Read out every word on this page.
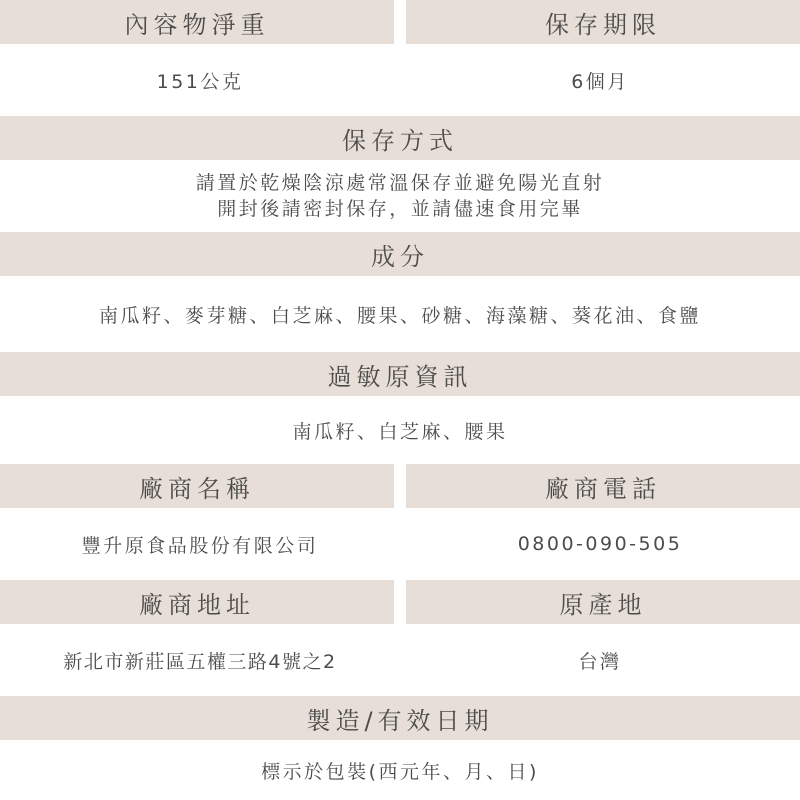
內容物淨重	保存期限
151公克	6個月
保存方式
請置於乾燥陰涼處常溫保存並避免陽光直射
開封後請密封保存，並請儘速食用完畢
成分
南瓜籽、麥芽糖、白芝麻、腰果、砂糖、海藻糖、葵花油、食鹽
過敏原資訊
南瓜籽、白芝麻、腰果
廠商名稱	廠商電話
豐升原食品股份有限公司	0800-090-505
廠商地址	原產地
新北市新莊區五權三路4號之2	台灣
製造/有效日期
標示於包裝(西元年、月、日)
